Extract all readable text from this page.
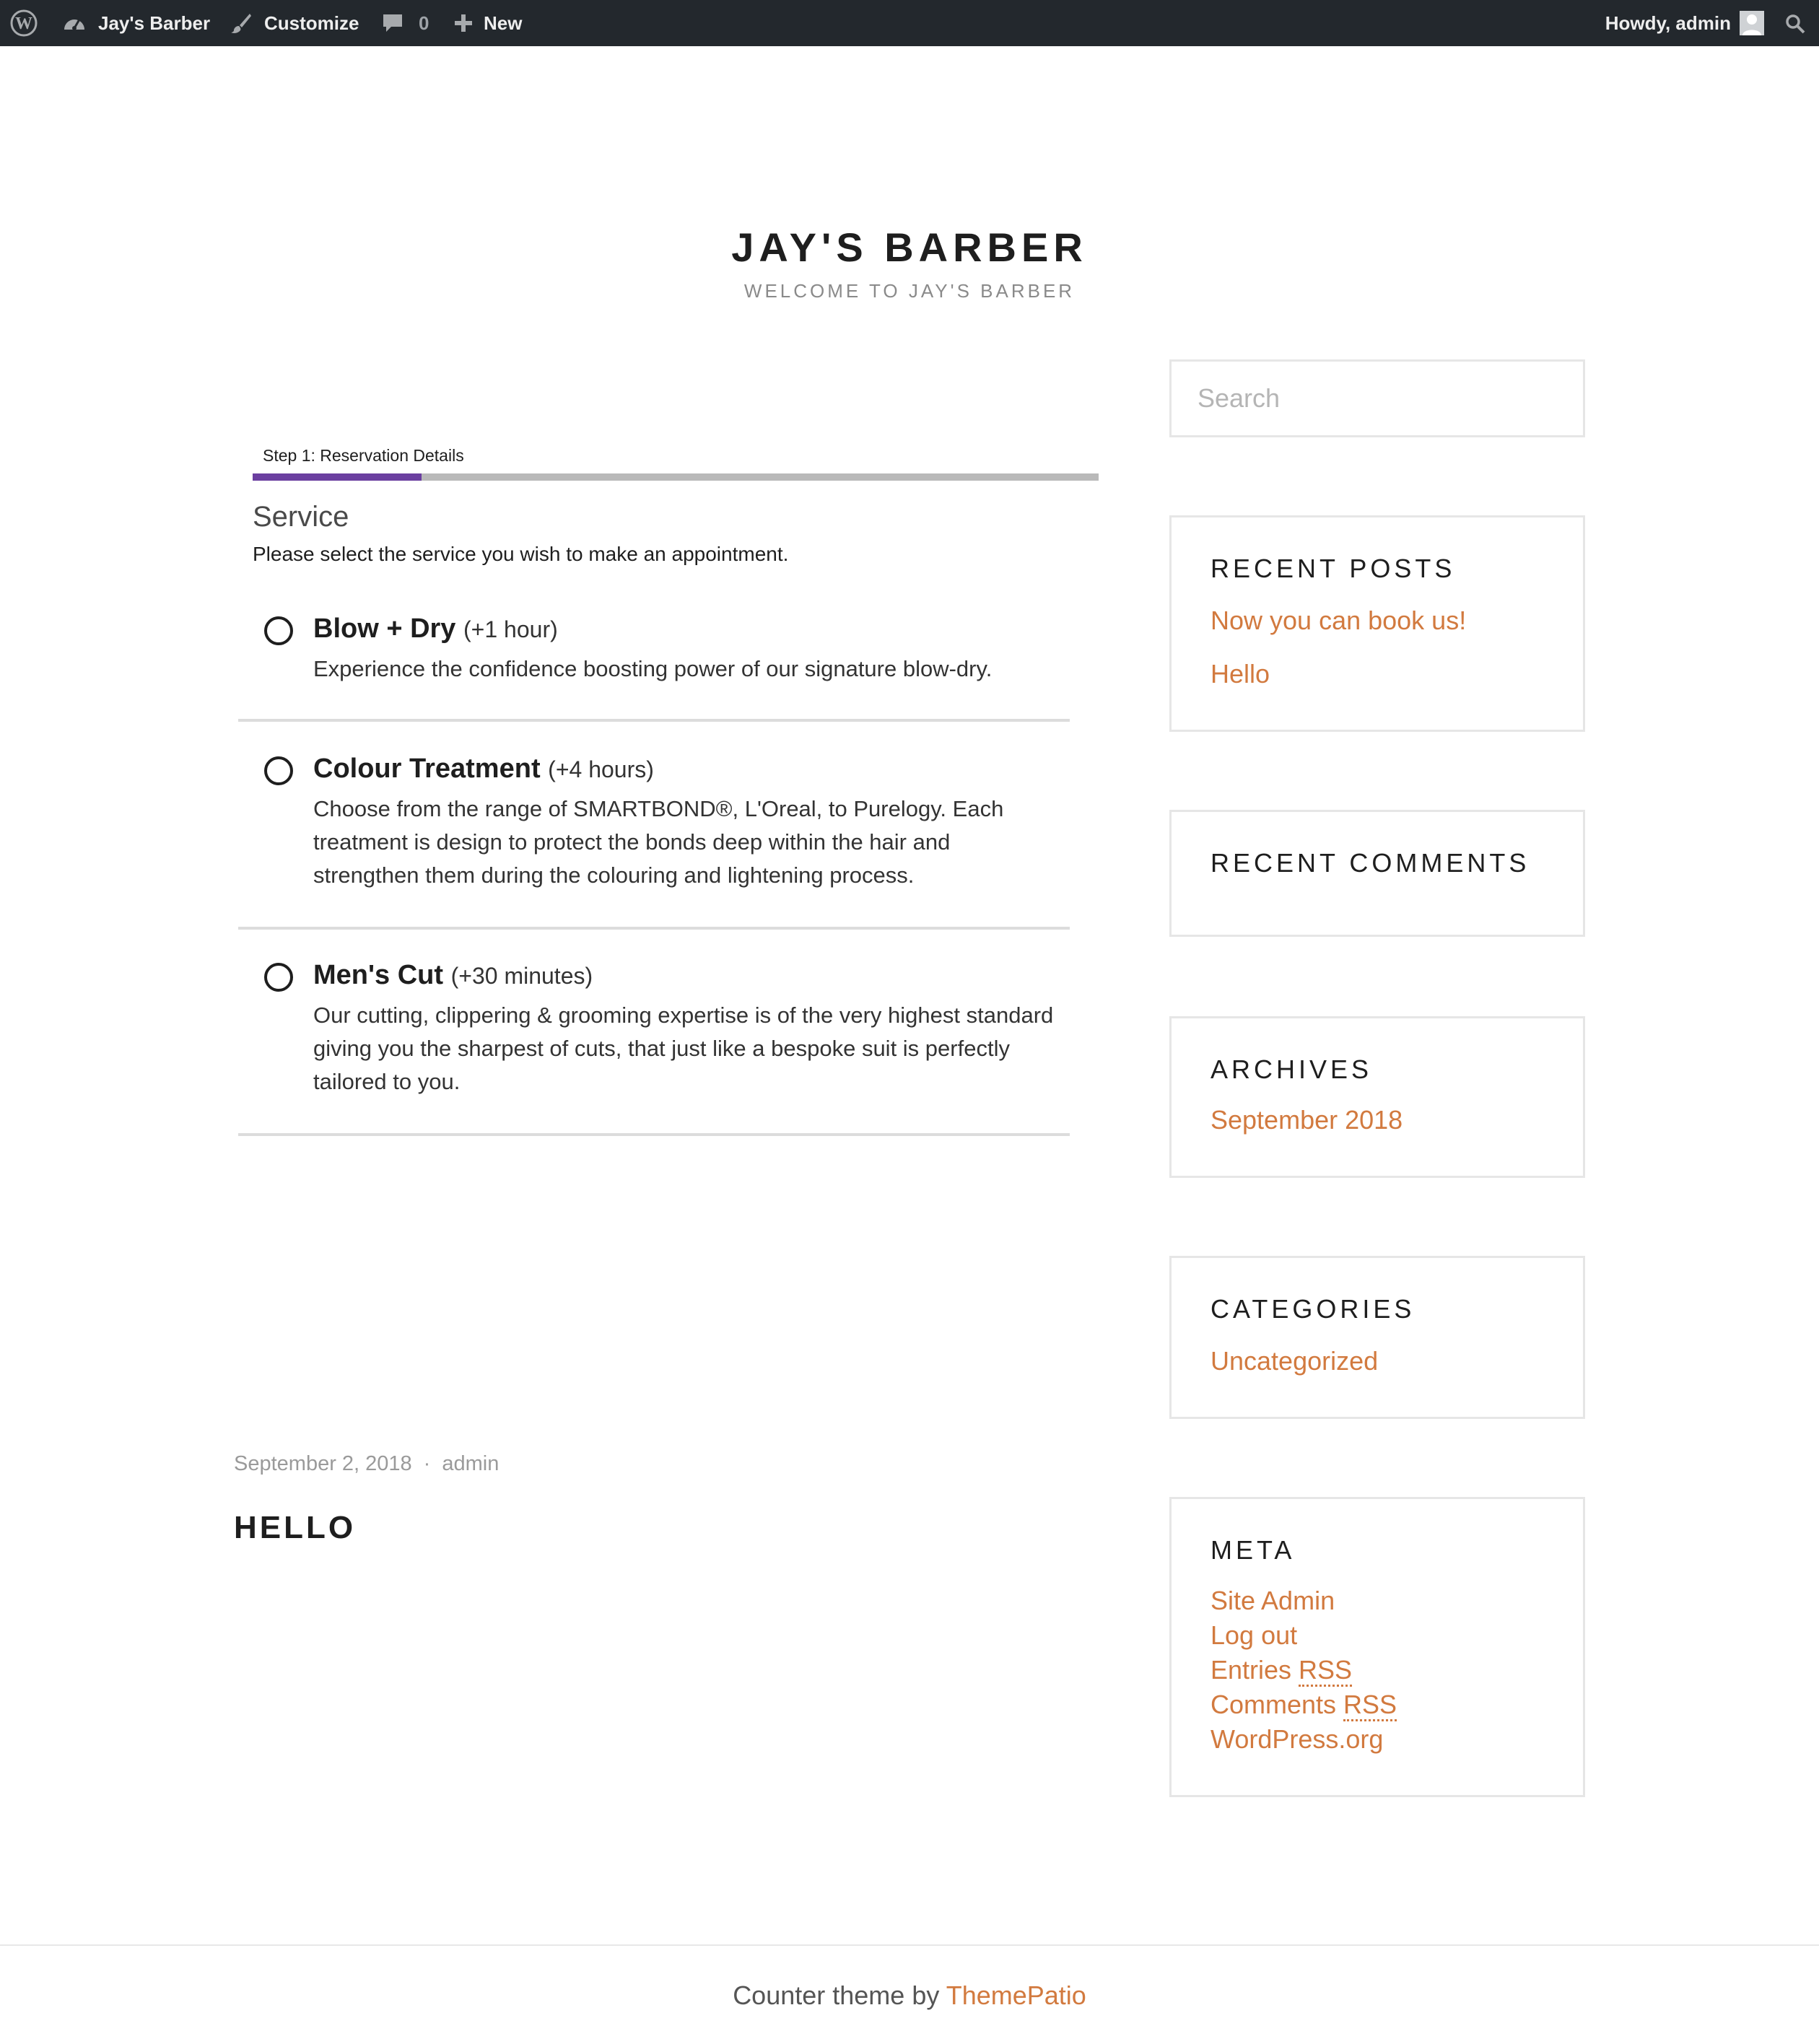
W	Jay's Barber	Customize	0	New	Howdy, admin
JAY'S BARBER
WELCOME TO JAY'S BARBER
Step 1: Reservation Details
Service
Please select the service you wish to make an appointment.
Blow + Dry (+1 hour)
Experience the confidence boosting power of our signature blow-dry.
Colour Treatment (+4 hours)
Choose from the range of SMARTBOND®, L'Oreal, to Purelogy. Each treatment is design to protect the bonds deep within the hair and strengthen them during the colouring and lightening process.
Men's Cut (+30 minutes)
Our cutting, clippering & grooming expertise is of the very highest standard giving you the sharpest of cuts, that just like a bespoke suit is perfectly tailored to you.
September 2, 2018 · admin
HELLO
Search
RECENT POSTS
Now you can book us!
Hello
RECENT COMMENTS
ARCHIVES
September 2018
CATEGORIES
Uncategorized
META
Site Admin
Log out
Entries RSS
Comments RSS
WordPress.org
Counter theme by ThemePatio
